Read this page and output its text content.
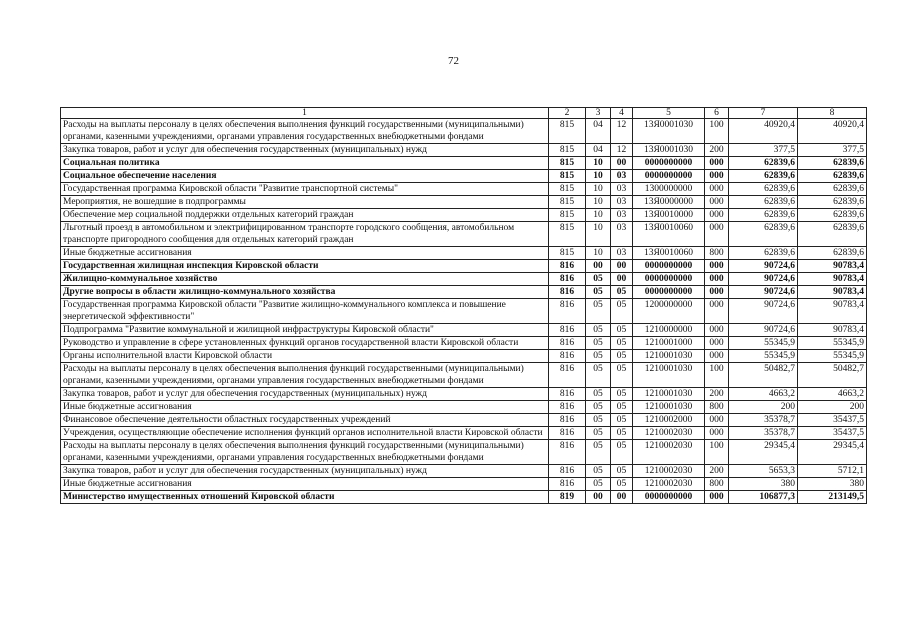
72
1	2	3	4	5	6	7	8
Расходы на выплаты персоналу в целях обеспечения выполнения функций государственными (муниципальными) органами, казенными учреждениями, органами управления государственных внебюджетными фондами	815	04	12	13Я0001030	100	40920,4	40920,4
Закупка товаров, работ и услуг для обеспечения государственных (муниципальных) нужд	815	04	12	13Я0001030	200	377,5	377,5
Социальная политика	815	10	00	0000000000	000	62839,6	62839,6
Социальное обеспечение населения	815	10	03	0000000000	000	62839,6	62839,6
Государственная программа Кировской области "Развитие транспортной системы"	815	10	03	1300000000	000	62839,6	62839,6
Мероприятия, не вошедшие в подпрограммы	815	10	03	13Я0000000	000	62839,6	62839,6
Обеспечение мер социальной поддержки отдельных категорий граждан	815	10	03	13Я0010000	000	62839,6	62839,6
Льготный проезд в автомобильном и электрифицированном транспорте городского сообщения, автомобильном транспорте пригородного сообщения для отдельных категорий граждан	815	10	03	13Я0010060	000	62839,6	62839,6
Иные бюджетные ассигнования	815	10	03	13Я0010060	800	62839,6	62839,6
Государственная жилищная инспекция Кировской области	816	00	00	0000000000	000	90724,6	90783,4
Жилищно-коммунальное хозяйство	816	05	00	0000000000	000	90724,6	90783,4
Другие вопросы в области жилищно-коммунального хозяйства	816	05	05	0000000000	000	90724,6	90783,4
Государственная программа Кировской области "Развитие жилищно-коммунального комплекса и повышение энергетической эффективности"	816	05	05	1200000000	000	90724,6	90783,4
Подпрограмма "Развитие коммунальной и жилищной инфраструктуры Кировской области"	816	05	05	1210000000	000	90724,6	90783,4
Руководство и управление в сфере установленных функций органов государственной власти Кировской области	816	05	05	1210001000	000	55345,9	55345,9
Органы исполнительной власти Кировской области	816	05	05	1210001030	000	55345,9	55345,9
Расходы на выплаты персоналу в целях обеспечения выполнения функций государственными (муниципальными) органами, казенными учреждениями, органами управления государственных внебюджетными фондами	816	05	05	1210001030	100	50482,7	50482,7
Закупка товаров, работ и услуг для обеспечения государственных (муниципальных) нужд	816	05	05	1210001030	200	4663,2	4663,2
Иные бюджетные ассигнования	816	05	05	1210001030	800	200	200
Финансовое обеспечение деятельности областных государственных учреждений	816	05	05	1210002000	000	35378,7	35437,5
Учреждения, осуществляющие обеспечение исполнения функций органов исполнительной власти Кировской области	816	05	05	1210002030	000	35378,7	35437,5
Расходы на выплаты персоналу в целях обеспечения выполнения функций государственными (муниципальными) органами, казенными учреждениями, органами управления государственных внебюджетными фондами	816	05	05	1210002030	100	29345,4	29345,4
Закупка товаров, работ и услуг для обеспечения государственных (муниципальных) нужд	816	05	05	1210002030	200	5653,3	5712,1
Иные бюджетные ассигнования	816	05	05	1210002030	800	380	380
Министерство имущественных отношений Кировской области	819	00	00	0000000000	000	106877,3	213149,5
